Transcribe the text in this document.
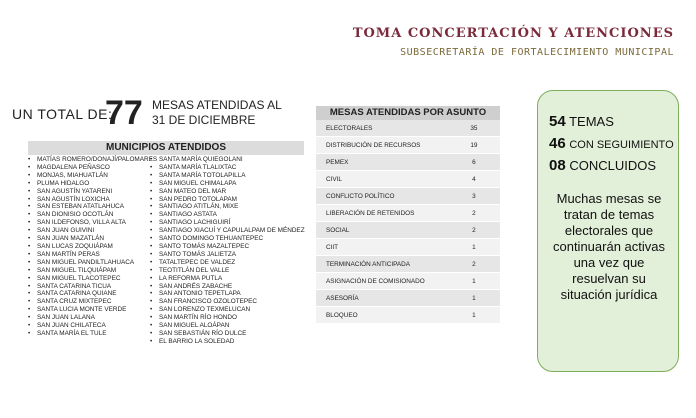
TOMA CONCERTACIÓN Y ATENCIONES
SUBSECRETARÍA DE FORTALECIMIENTO MUNICIPAL
UN TOTAL DE:
77 MESAS ATENDIDAS AL
31 DE DICIEMBRE
MUNICIPIOS ATENDIDOS
• MATÍAS ROMERO/DONAJÍ/PALOMARES
• MAGDALENA PEÑASCO
• MONJAS, MIAHUATLÁN
• PLUMA HIDALGO
• SAN AGUSTÍN YATARENI
• SAN AGUSTÍN LOXICHA
• SAN ESTEBAN ATATLAHUCA
• SAN DIONISIO OCOTLÁN
• SAN ILDEFONSO, VILLA ALTA
• SAN JUAN GUIVINI
• SAN JUAN MAZATLÁN
• SAN LUCAS ZOQUIÁPAM
• SAN MARTÍN PERAS
• SAN MIGUEL PANDILTLAHUACA
• SAN MIGUEL TILQUIÁPAM
• SAN MIGUEL TLACOTEPEC
• SANTA CATARINA TICUA
• SANTA CATARINA QUIANE
• SANTA CRUZ MIXTEPEC
• SANTA LUCIA MONTE VERDE
• SAN JUAN LALANA
• SAN JUAN CHILATECA
• SANTA MARÍA EL TULE
• SANTA MARÍA QUIEGOLANI
• SANTA MARÍA TLALIXTAC
• SANTA MARÍA TOTOLAPILLA
• SAN MIGUEL CHIMALAPA
• SAN MATEO DEL MAR
• SAN PEDRO TOTOLAPAM
• SANTIAGO ATITLÁN, MIXE
• SANTIAGO ASTATA
• SANTIAGO LACHIGUIRÍ
• SANTIAGO XIACUÍ Y CAPULALPAM DE MÉNDEZ
• SANTO DOMINGO TEHUANTEPEC
• SANTO TOMÁS MAZALTEPEC
• SANTO TOMÁS JALIETZA
• TATALTEPEC DE VALDEZ
• TEOTITLÁN DEL VALLE
• LA REFORMA PUTLA
• SAN ANDRÉS ZABACHE
• SAN ANTONIO TEPETLAPA
• SAN FRANCISCO OZOLOTEPEC
• SAN LORENZO TEXMELUCAN
• SAN MARTÍN RÍO HONDO
• SAN MIGUEL ALOÁPAN
• SAN SEBASTIÁN RÍO DULCE
• EL BARRIO LA SOLEDAD
MESAS ATENDIDAS POR ASUNTO
ELECTORALES	35
DISTRIBUCIÓN DE RECURSOS	19
PEMEX	6
CIVIL	4
CONFLICTO POLÍTICO	3
LIBERACIÓN DE RETENIDOS	2
SOCIAL	2
CIIT	1
TERMINACIÓN ANTICIPADA	2
ASIGNACIÓN DE COMISIONADO	1
ASESORÍA	1
BLOQUEO	1
54 TEMAS
46 CON SEGUIMIENTO
08 CONCLUIDOS
Muchas mesas se tratan de temas electorales que continuarán activas una vez que resuelvan su situación jurídica
